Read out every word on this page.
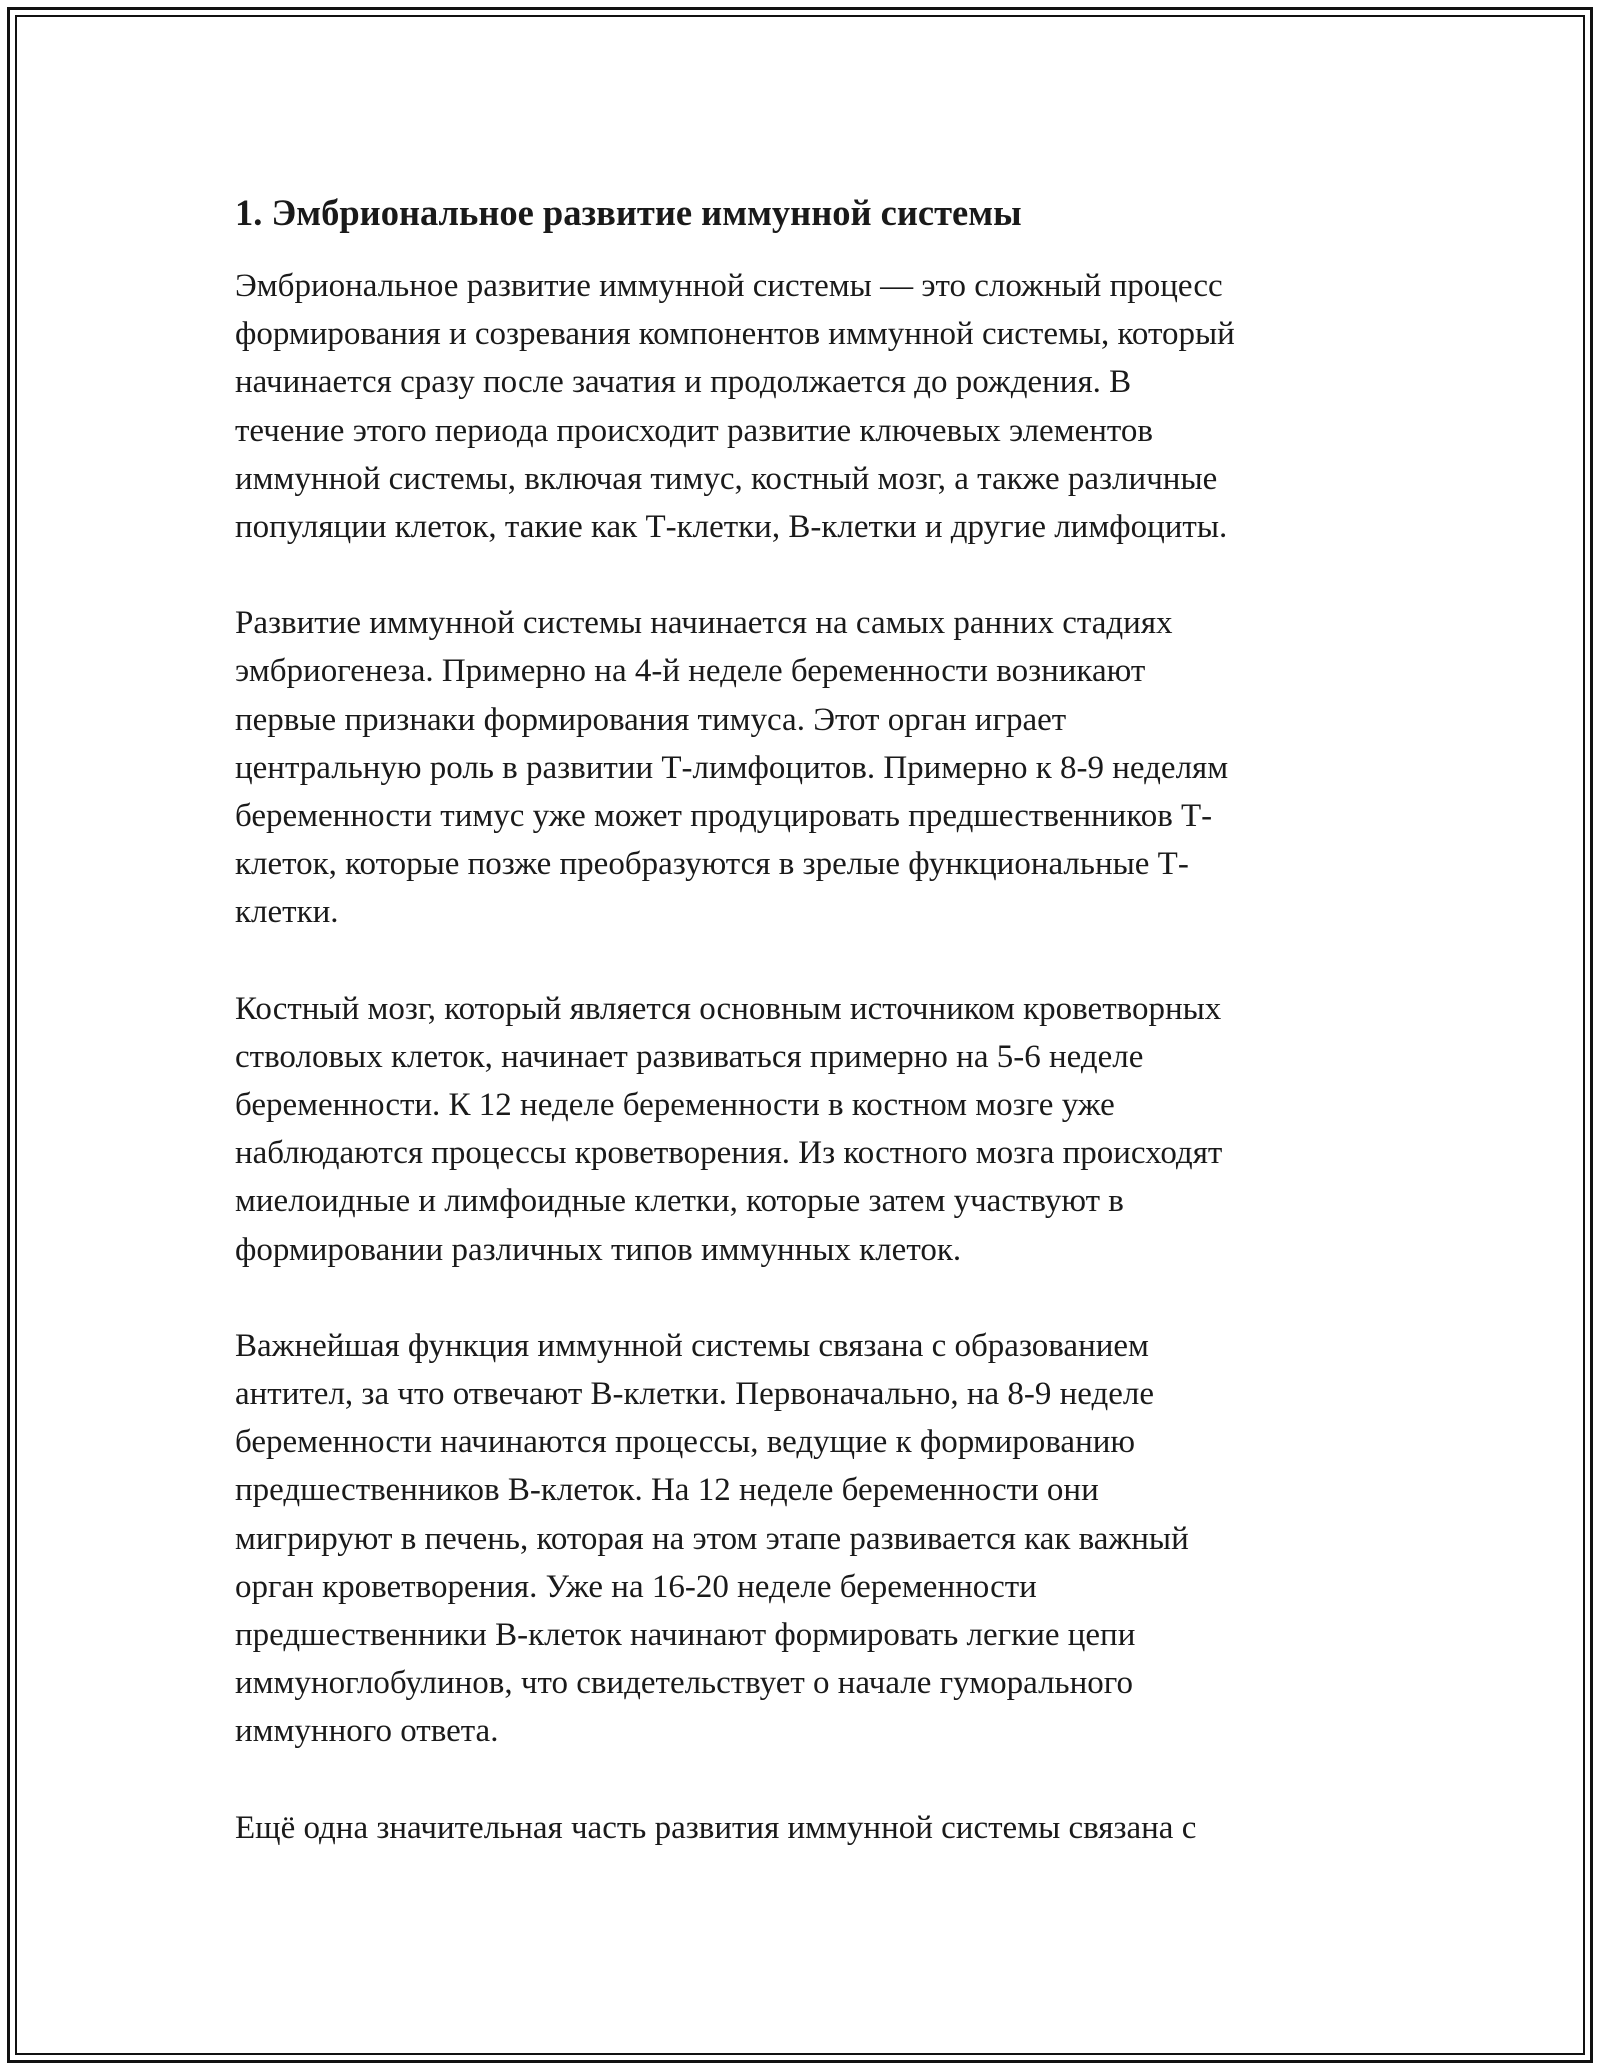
1. Эмбриональное развитие иммунной системы

Эмбриональное развитие иммунной системы — это сложный процесс
формирования и созревания компонентов иммунной системы, который
начинается сразу после зачатия и продолжается до рождения. В
течение этого периода происходит развитие ключевых элементов
иммунной системы, включая тимус, костный мозг, а также различные
популяции клеток, такие как Т-клетки, В-клетки и другие лимфоциты.

Развитие иммунной системы начинается на самых ранних стадиях
эмбриогенеза. Примерно на 4-й неделе беременности возникают
первые признаки формирования тимуса. Этот орган играет
центральную роль в развитии Т-лимфоцитов. Примерно к 8-9 неделям
беременности тимус уже может продуцировать предшественников Т-
клеток, которые позже преобразуются в зрелые функциональные Т-
клетки.

Костный мозг, который является основным источником кроветворных
стволовых клеток, начинает развиваться примерно на 5-6 неделе
беременности. К 12 неделе беременности в костном мозге уже
наблюдаются процессы кроветворения. Из костного мозга происходят
миелоидные и лимфоидные клетки, которые затем участвуют в
формировании различных типов иммунных клеток.

Важнейшая функция иммунной системы связана с образованием
антител, за что отвечают В-клетки. Первоначально, на 8-9 неделе
беременности начинаются процессы, ведущие к формированию
предшественников В-клеток. На 12 неделе беременности они
мигрируют в печень, которая на этом этапе развивается как важный
орган кроветворения. Уже на 16-20 неделе беременности
предшественники В-клеток начинают формировать легкие цепи
иммуноглобулинов, что свидетельствует о начале гуморального
иммунного ответа.

Ещё одна значительная часть развития иммунной системы связана с
